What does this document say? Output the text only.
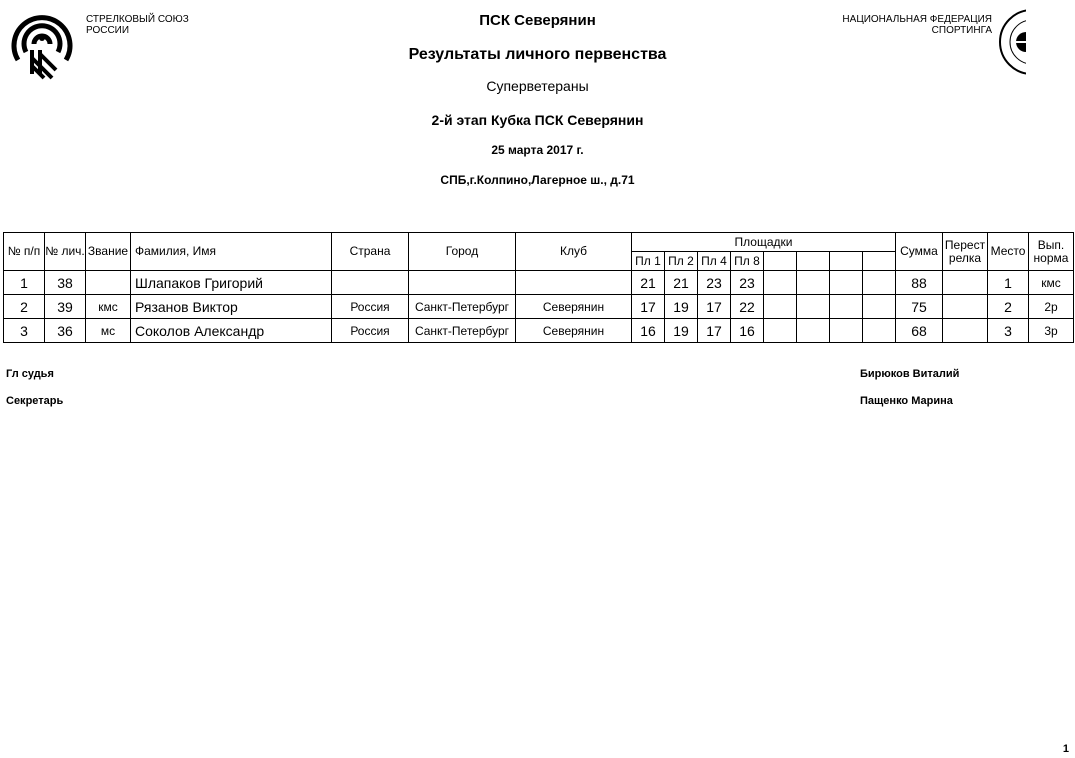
СТРЕЛКОВЫЙ СОЮЗ
РОССИИ
НАЦИОНАЛЬНАЯ ФЕДЕРАЦИЯ
СПОРТИНГА
ПСК Северянин
Результаты личного первенства
Суперветераны
2-й этап Кубка ПСК Северянин
25 марта 2017 г.
СПБ,г.Колпино,Лагерное ш., д.71
№ п/п	№ лич.	Звание	Фамилия, Имя	Страна	Город	Клуб	Площадки								Сумма	Перест релка	Место	Вып. норма
							Пл 1	Пл 2	Пл 4	Пл 8								
1	38		Шлапаков Григорий				21	21	23	23					88		1	кмс
2	39	кмс	Рязанов Виктор	Россия	Санкт-Петербург	Северянин	17	19	17	22					75		2	2р
3	36	мс	Соколов Александр	Россия	Санкт-Петербург	Северянин	16	19	17	16					68		3	3р
Гл судья	Бирюков Виталий
Секретарь	Пащенко Марина
1
